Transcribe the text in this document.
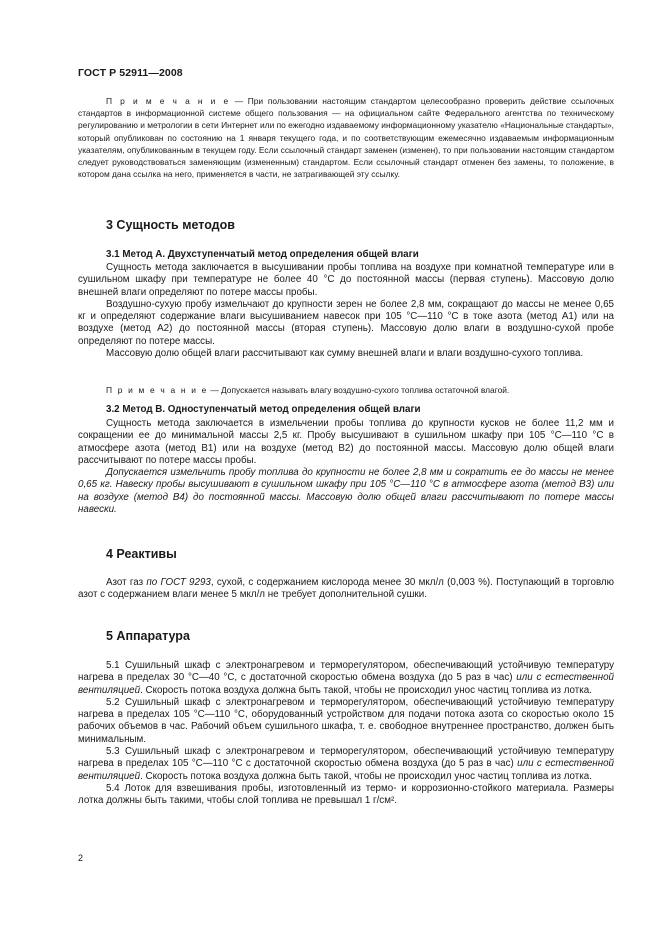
ГОСТ Р 52911—2008

П р и м е ч а н и е — При пользовании настоящим стандартом целесообразно проверить действие ссылочных стандартов в информационной системе общего пользования — на официальном сайте Федерального агентства по техническому регулированию и метрологии в сети Интернет или по ежегодно издаваемому информационному указателю «Национальные стандарты», который опубликован по состоянию на 1 января текущего года, и по соответствующим ежемесячно издаваемым информационным указателям, опубликованным в текущем году. Если ссылочный стандарт заменен (изменен), то при пользовании настоящим стандартом следует руководствоваться заменяющим (измененным) стандартом. Если ссылочный стандарт отменен без замены, то положение, в котором дана ссылка на него, применяется в части, не затрагивающей эту ссылку.

3 Сущность методов
3.1 Метод А. Двухступенчатый метод определения общей влаги

Сущность метода заключается в высушивании пробы топлива на воздухе при комнатной температуре или в сушильном шкафу при температуре не более 40 °С до постоянной массы (первая ступень). Массовую долю внешней влаги определяют по потере массы пробы.

Воздушно-сухую пробу измельчают до крупности зерен не более 2,8 мм, сокращают до массы не менее 0,65 кг и определяют содержание влаги высушиванием навесок при 105 °С—110 °С в токе азота (метод А1) или на воздухе (метод А2) до постоянной массы (вторая ступень). Массовую долю влаги в воздушно-сухой пробе определяют по потере массы.

Массовую долю общей влаги рассчитывают как сумму внешней влаги и влаги воздушно-сухого топлива.

П р и м е ч а н и е — Допускается называть влагу воздушно-сухого топлива остаточной влагой.

3.2 Метод В. Одноступенчатый метод определения общей влаги

Сущность метода заключается в измельчении пробы топлива до крупности кусков не более 11,2 мм и сокращении ее до минимальной массы 2,5 кг. Пробу высушивают в сушильном шкафу при 105 °С—110 °С в атмосфере азота (метод В1) или на воздухе (метод В2) до постоянной массы. Массовую долю общей влаги рассчитывают по потере массы пробы.

Допускается измельчить пробу топлива до крупности не более 2,8 мм и сократить ее до массы не менее 0,65 кг. Навеску пробы высушивают в сушильном шкафу при 105 °С—110 °С в атмосфере азота (метод В3) или на воздухе (метод В4) до постоянной массы. Массовую долю общей влаги рассчитывают по потере массы навески.

4 Реактивы

Азот газ по ГОСТ 9293, сухой, с содержанием кислорода менее 30 мкл/л (0,003 %). Поступающий в торговлю азот с содержанием влаги менее 5 мкл/л не требует дополнительной сушки.

5 Аппаратура

5.1 Сушильный шкаф с электронагревом и терморегулятором, обеспечивающий устойчивую температуру нагрева в пределах 30 °С—40 °С, с достаточной скоростью обмена воздуха (до 5 раз в час) или с естественной вентиляцией. Скорость потока воздуха должна быть такой, чтобы не происходил унос частиц топлива из лотка.

5.2 Сушильный шкаф с электронагревом и терморегулятором, обеспечивающий устойчивую температуру нагрева в пределах 105 °С—110 °С, оборудованный устройством для подачи потока азота со скоростью около 15 рабочих объемов в час. Рабочий объем сушильного шкафа, т. е. свободное внутреннее пространство, должен быть минимальным.

5.3 Сушильный шкаф с электронагревом и терморегулятором, обеспечивающий устойчивую температуру нагрева в пределах 105 °С—110 °С с достаточной скоростью обмена воздуха (до 5 раз в час) или с естественной вентиляцией. Скорость потока воздуха должна быть такой, чтобы не происходил унос частиц топлива из лотка.

5.4 Лоток для взвешивания пробы, изготовленный из термо- и коррозионно-стойкого материала. Размеры лотка должны быть такими, чтобы слой топлива не превышал 1 г/см².

2
